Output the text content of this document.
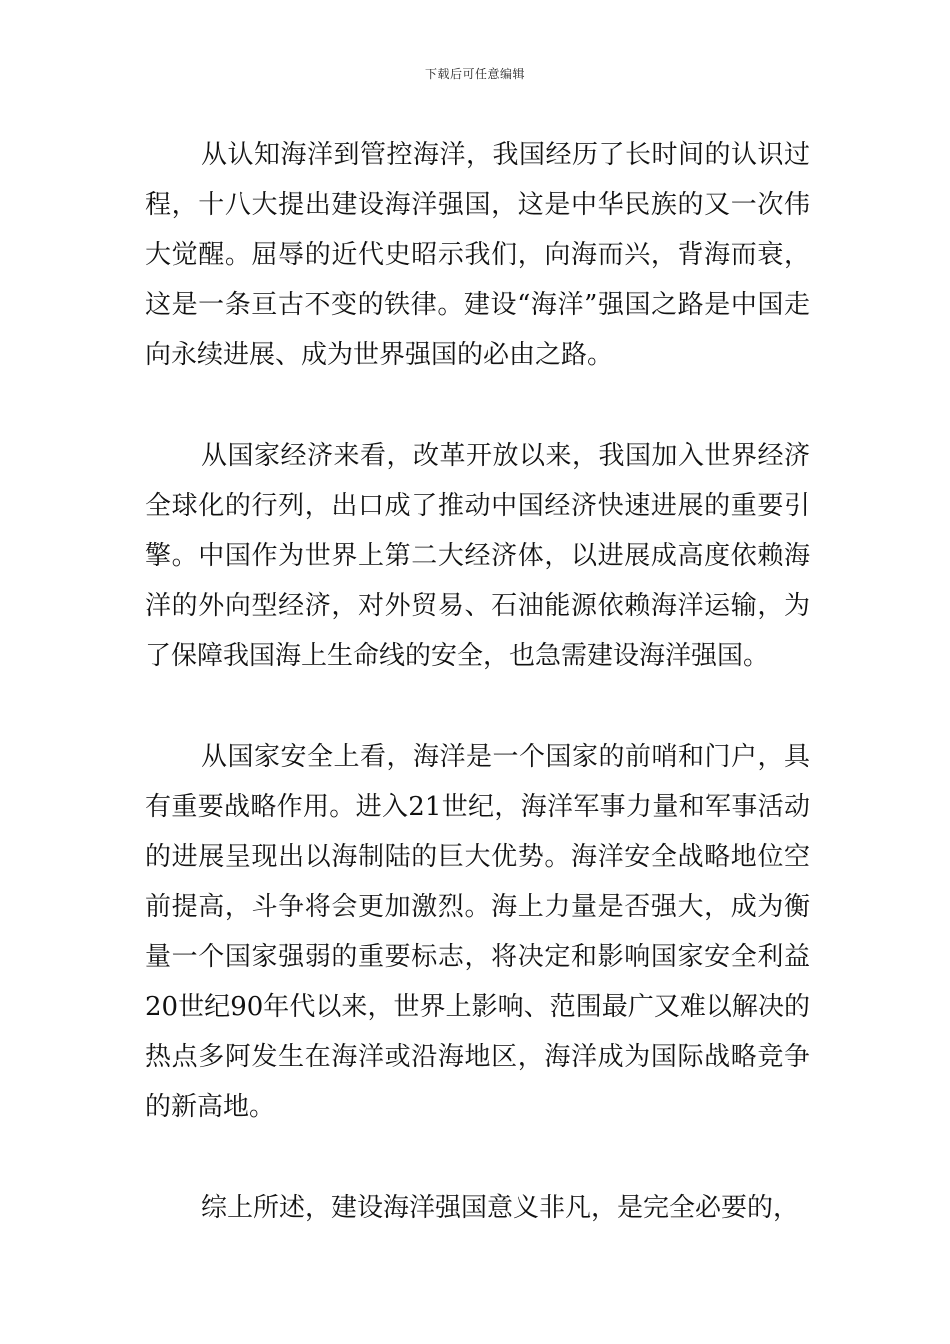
下载后可任意编辑

从认知海洋到管控海洋，我国经历了长时间的认识过程，十八大提出建设海洋强国，这是中华民族的又一次伟大觉醒。屈辱的近代史昭示我们，向海而兴，背海而衰，这是一条亘古不变的铁律。建设“海洋”强国之路是中国走向永续进展、成为世界强国的必由之路。

从国家经济来看，改革开放以来，我国加入世界经济全球化的行列，出口成了推动中国经济快速进展的重要引擎。中国作为世界上第二大经济体，以进展成高度依赖海洋的外向型经济，对外贸易、石油能源依赖海洋运输，为了保障我国海上生命线的安全，也急需建设海洋强国。

从国家安全上看，海洋是一个国家的前哨和门户，具有重要战略作用。进入21世纪，海洋军事力量和军事活动的进展呈现出以海制陆的巨大优势。海洋安全战略地位空前提高，斗争将会更加激烈。海上力量是否强大，成为衡量一个国家强弱的重要标志，将决定和影响国家安全利益20世纪90年代以来，世界上影响、范围最广又难以解决的热点多阿发生在海洋或沿海地区，海洋成为国际战略竞争的新高地。

综上所述，建设海洋强国意义非凡，是完全必要的，
